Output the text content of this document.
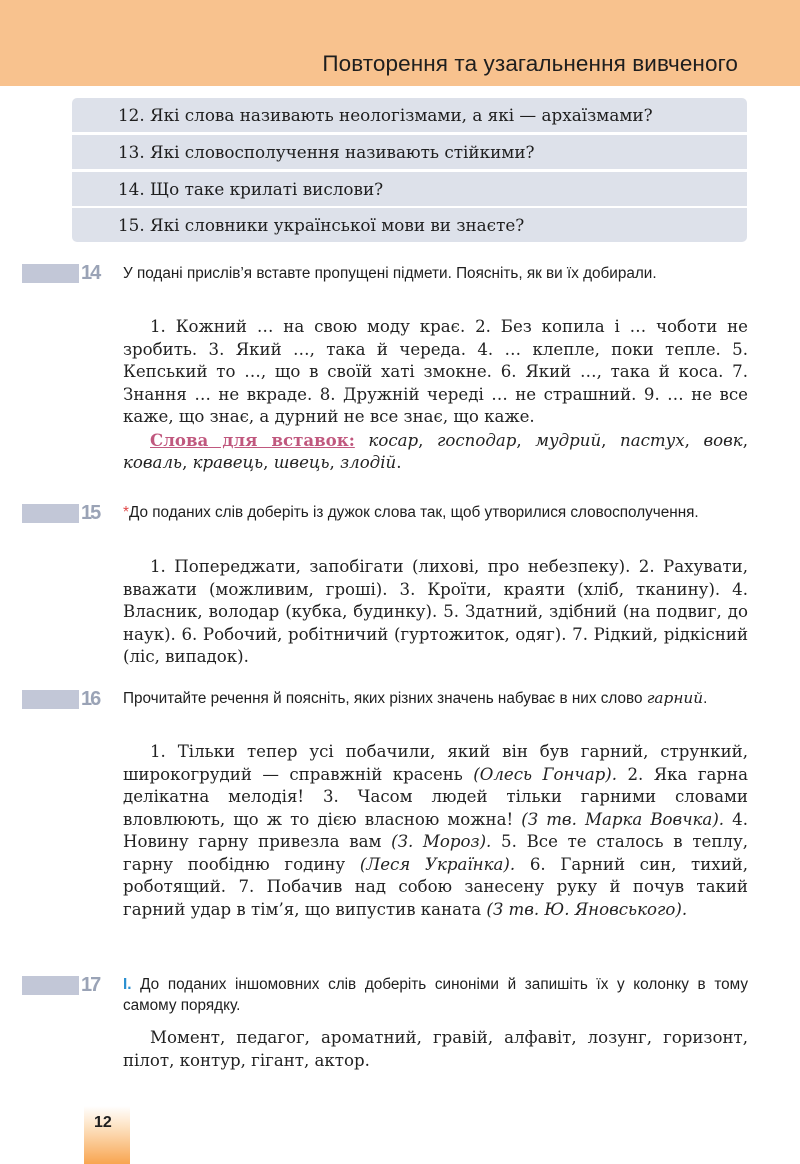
Повторення та узагальнення вивченого
12. Які слова називають неологізмами, а які — архаїзмами?
13. Які словосполучення називають стійкими?
14. Що таке крилаті вислови?
15. Які словники української мови ви знаєте?
14	У подані прислів’я вставте пропущені підмети. Поясніть, як ви їх добирали.

1. Кожний … на свою моду крає. 2. Без копила і … чоботи не зробить. 3. Який …, така й череда. 4. … клепле, поки тепле. 5. Кепський то …, що в своїй хаті змокне. 6. Який …, така й коса. 7. Знання … не вкраде. 8. Дружній череді … не страшний. 9. … не все каже, що знає, а дурний не все знає, що каже.

Слова для вставок: косар, господар, мудрий, пастух, вовк, коваль, кравець, швець, злодій.

15	*До поданих слів доберіть із дужок слова так, щоб утворилися словосполучення.

1. Попереджати, запобігати (лихові, про небезпеку). 2. Рахувати, вважати (можливим, гроші). 3. Кроїти, краяти (хліб, тканину). 4. Власник, володар (кубка, будинку). 5. Здатний, здібний (на подвиг, до наук). 6. Робочий, робітничий (гуртожиток, одяг). 7. Рідкий, рідкісний (ліс, випадок).

16	Прочитайте речення й поясніть, яких різних значень набуває в них слово гарний.

1. Тільки тепер усі побачили, який він був гарний, стрункий, широкогрудий — справжній красень (Олесь Гончар). 2. Яка гарна делікатна мелодія! 3. Часом людей тільки гарними словами вловлюють, що ж то дією власною можна! (З тв. Марка Вовчка). 4. Новину гарну привезла вам (З. Мороз). 5. Все те сталось в теплу, гарну пообідню годину (Леся Українка). 6. Гарний син, тихий, роботящий. 7. Побачив над собою занесену руку й почув такий гарний удар в тім’я, що випустив каната (З тв. Ю. Яновського).

17	І. До поданих іншомовних слів доберіть синоніми й запишіть їх у колонку в тому самому порядку.

Момент, педагог, ароматний, гравій, алфавіт, лозунг, горизонт, пілот, контур, гігант, актор.

12
